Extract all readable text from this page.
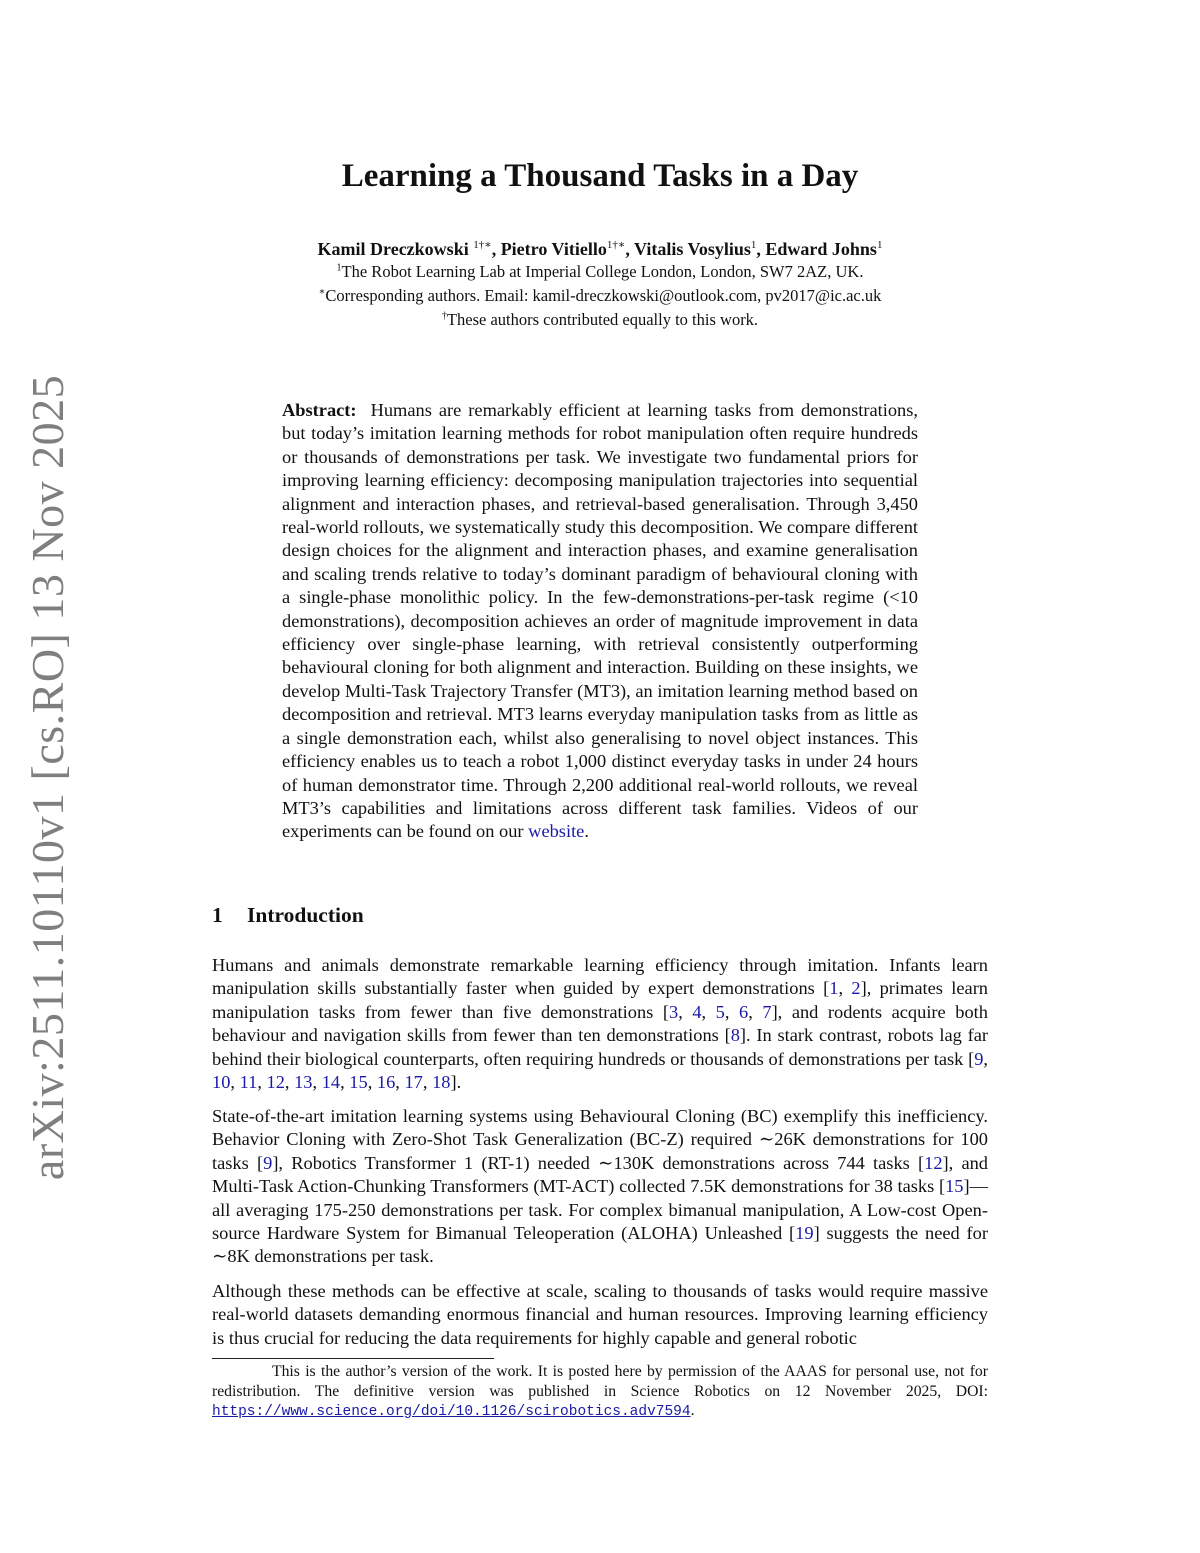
arXiv:2511.10110v1 [cs.RO] 13 Nov 2025
Learning a Thousand Tasks in a Day
Kamil Dreczkowski $^{1\dagger∗}$, Pietro Vitiello$^{1\dagger∗}$, Vitalis Vosylius$^1$, Edward Johns$^1$
$^1$The Robot Learning Lab at Imperial College London, London, SW7 2AZ, UK.
∗Corresponding authors. Email: kamil-dreczkowski@outlook.com, pv2017@ic.ac.uk
†These authors contributed equally to this work.

Abstract: Humans are remarkably efficient at learning tasks from demonstrations, but today’s imitation learning methods for robot manipulation often require hundreds or thousands of demonstrations per task. We investigate two fundamental priors for improving learning efficiency: decomposing manipulation trajectories into sequential alignment and interaction phases, and retrieval-based generalisation. Through 3,450 real-world rollouts, we systematically study this decomposition. We compare different design choices for the alignment and interaction phases, and examine generalisation and scaling trends relative to today’s dominant paradigm of behavioural cloning with a single-phase monolithic policy. In the few-demonstrations-per-task regime (<10 demonstrations), decomposition achieves an order of magnitude improvement in data efficiency over single-phase learning, with retrieval consistently outperforming behavioural cloning for both alignment and interaction. Building on these insights, we develop Multi-Task Trajectory Transfer (MT3), an imitation learning method based on decomposition and retrieval. MT3 learns everyday manipulation tasks from as little as a single demonstration each, whilst also generalising to novel object instances. This efficiency enables us to teach a robot 1,000 distinct everyday tasks in under 24 hours of human demonstrator time. Through 2,200 additional real-world rollouts, we reveal MT3’s capabilities and limitations across different task families. Videos of our experiments can be found on our website.

1 Introduction

Humans and animals demonstrate remarkable learning efficiency through imitation. Infants learn manipulation skills substantially faster when guided by expert demonstrations [1, 2], primates learn manipulation tasks from fewer than five demonstrations [3, 4, 5, 6, 7], and rodents acquire both behaviour and navigation skills from fewer than ten demonstrations [8]. In stark contrast, robots lag far behind their biological counterparts, often requiring hundreds or thousands of demonstrations per task [9, 10, 11, 12, 13, 14, 15, 16, 17, 18].

State-of-the-art imitation learning systems using Behavioural Cloning (BC) exemplify this inefficiency. Behavior Cloning with Zero-Shot Task Generalization (BC-Z) required ∼26K demonstrations for 100 tasks [9], Robotics Transformer 1 (RT-1) needed ∼130K demonstrations across 744 tasks [12], and Multi-Task Action-Chunking Transformers (MT-ACT) collected 7.5K demonstrations for 38 tasks [15]— all averaging 175-250 demonstrations per task. For complex bimanual manipulation, A Low-cost Open-source Hardware System for Bimanual Teleoperation (ALOHA) Unleashed [19] suggests the need for ∼8K demonstrations per task.

Although these methods can be effective at scale, scaling to thousands of tasks would require massive real-world datasets demanding enormous financial and human resources. Improving learning efficiency is thus crucial for reducing the data requirements for highly capable and general robotic

This is the author’s version of the work. It is posted here by permission of the AAAS for personal use, not for redistribution. The definitive version was published in Science Robotics on 12 November 2025, DOI: https://www.science.org/doi/10.1126/scirobotics.adv7594.
